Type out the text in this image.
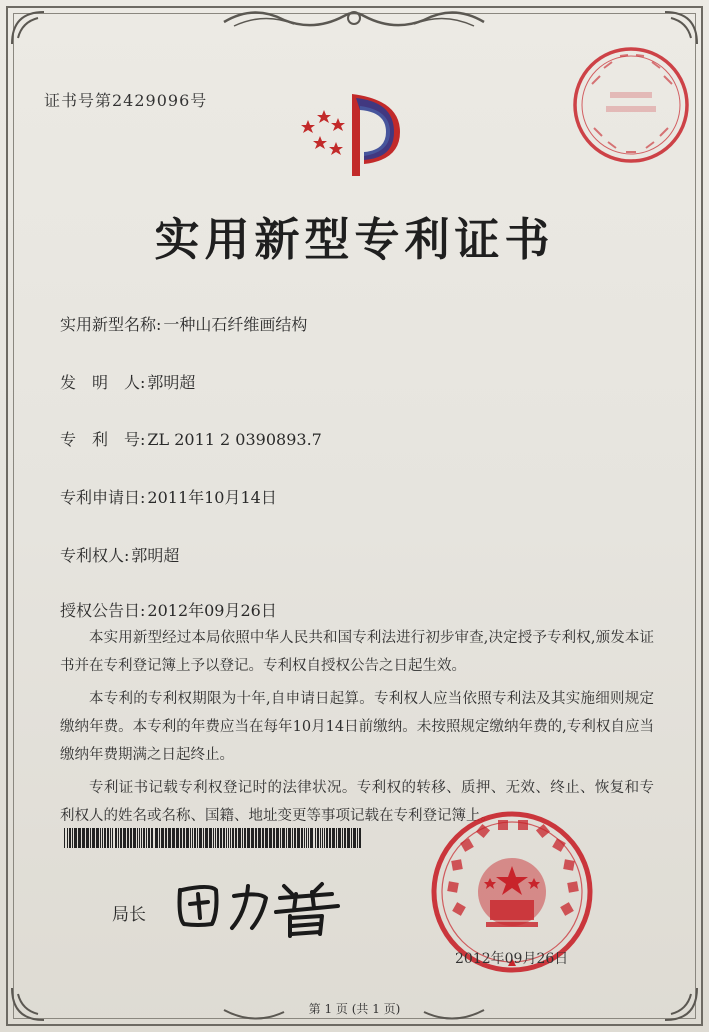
证书号第2429096号
实用新型专利证书
实用新型名称: 一种山石纤维画结构
发　明　人: 郭明超
专　利　号: ZL 2011 2 0390893.7
专利申请日: 2011年10月14日
专利权人: 郭明超
授权公告日: 2012年09月26日

本实用新型经过本局依照中华人民共和国专利法进行初步审查,决定授予专利权,颁发本证书并在专利登记簿上予以登记。专利权自授权公告之日起生效。

本专利的专利权期限为十年,自申请日起算。专利权人应当依照专利法及其实施细则规定缴纳年费。本专利的年费应当在每年10月14日前缴纳。未按照规定缴纳年费的,专利权自应当缴纳年费期满之日起终止。

专利证书记载专利权登记时的法律状况。专利权的转移、质押、无效、终止、恢复和专利权人的姓名或名称、国籍、地址变更等事项记载在专利登记簿上。

局长
2012年09月26日
第 1 页 (共 1 页)
